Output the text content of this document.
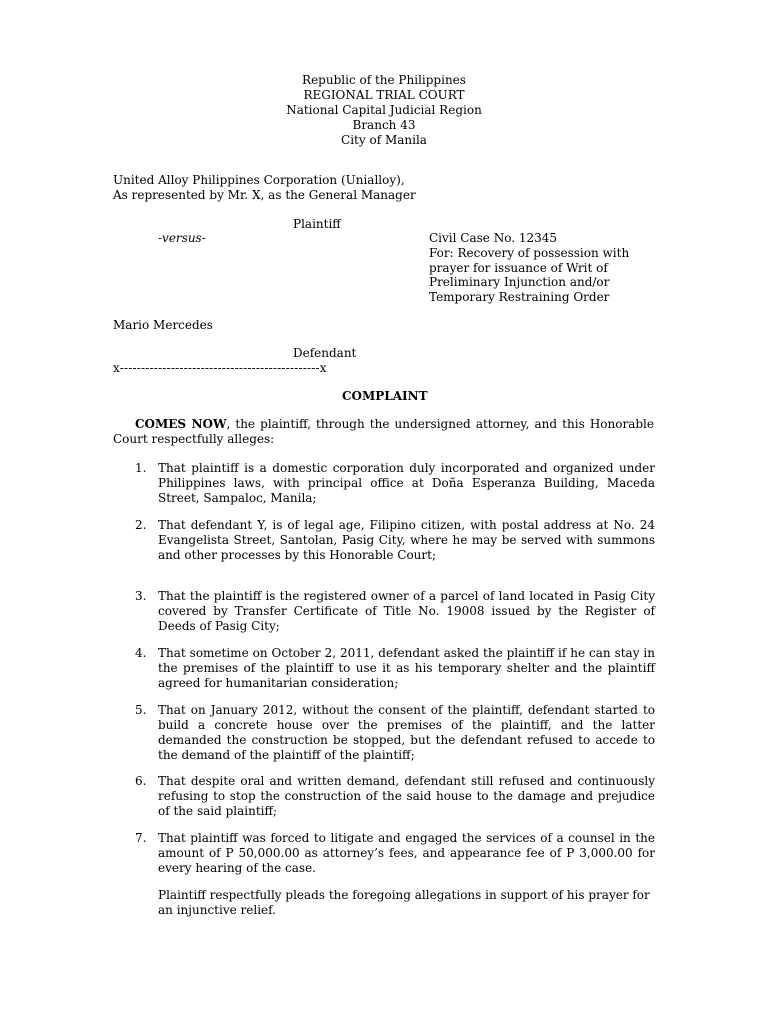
Republic of the Philippines
REGIONAL TRIAL COURT
National Capital Judicial Region
Branch 43
City of Manila
United Alloy Philippines Corporation (Unialloy),
As represented by Mr. X, as the General Manager
Plaintiff
-versus-	Civil Case No. 12345
For: Recovery of possession with
prayer for issuance of Writ of
Preliminary Injunction and/or
Temporary Restraining Order
Mario Mercedes
Defendant
x-----------------------------------------------x
COMPLAINT
COMES NOW, the plaintiff, through the undersigned attorney, and this Honorable Court respectfully alleges:
1. That plaintiff is a domestic corporation duly incorporated and organized under Philippines laws, with principal office at Doña Esperanza Building, Maceda Street, Sampaloc, Manila;
2. That defendant Y, is of legal age, Filipino citizen, with postal address at No. 24 Evangelista Street, Santolan, Pasig City, where he may be served with summons and other processes by this Honorable Court;
3. That the plaintiff is the registered owner of a parcel of land located in Pasig City covered by Transfer Certificate of Title No. 19008 issued by the Register of Deeds of Pasig City;
4. That sometime on October 2, 2011, defendant asked the plaintiff if he can stay in the premises of the plaintiff to use it as his temporary shelter and the plaintiff agreed for humanitarian consideration;
5. That on January 2012, without the consent of the plaintiff, defendant started to build a concrete house over the premises of the plaintiff, and the latter demanded the construction be stopped, but the defendant refused to accede to the demand of the plaintiff of the plaintiff;
6. That despite oral and written demand, defendant still refused and continuously refusing to stop the construction of the said house to the damage and prejudice of the said plaintiff;
7. That plaintiff was forced to litigate and engaged the services of a counsel in the amount of P 50,000.00 as attorney’s fees, and appearance fee of P 3,000.00 for every hearing of the case.
Plaintiff respectfully pleads the foregoing allegations in support of his prayer for an injunctive relief.
